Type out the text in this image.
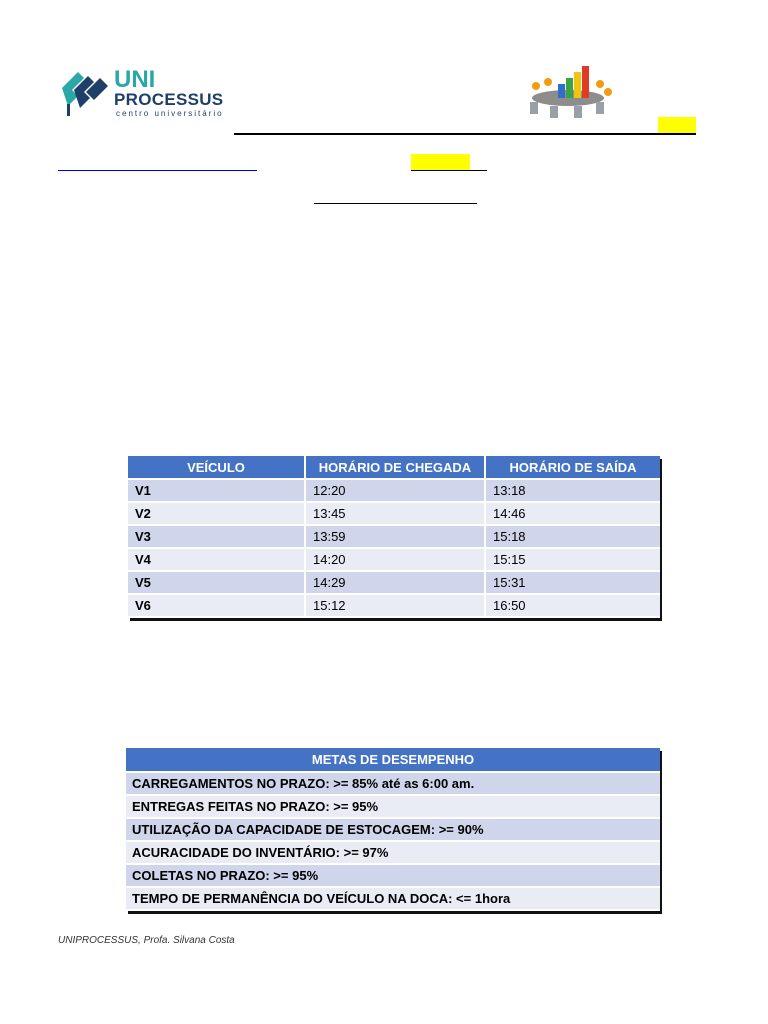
UNI
PROCESSUS
centro universitário
VEÍCULO	HORÁRIO DE CHEGADA	HORÁRIO DE SAÍDA
V1	12:20	13:18
V2	13:45	14:46
V3	13:59	15:18
V4	14:20	15:15
V5	14:29	15:31
V6	15:12	16:50
METAS DE DESEMPENHO
CARREGAMENTOS NO PRAZO: >= 85% até as 6:00 am.
ENTREGAS FEITAS NO PRAZO: >= 95%
UTILIZAÇÃO DA CAPACIDADE DE ESTOCAGEM: >= 90%
ACURACIDADE DO INVENTÁRIO: >= 97%
COLETAS NO PRAZO: >= 95%
TEMPO DE PERMANÊNCIA DO VEÍCULO NA DOCA: <= 1hora
UNIPROCESSUS, Profa. Silvana Costa
